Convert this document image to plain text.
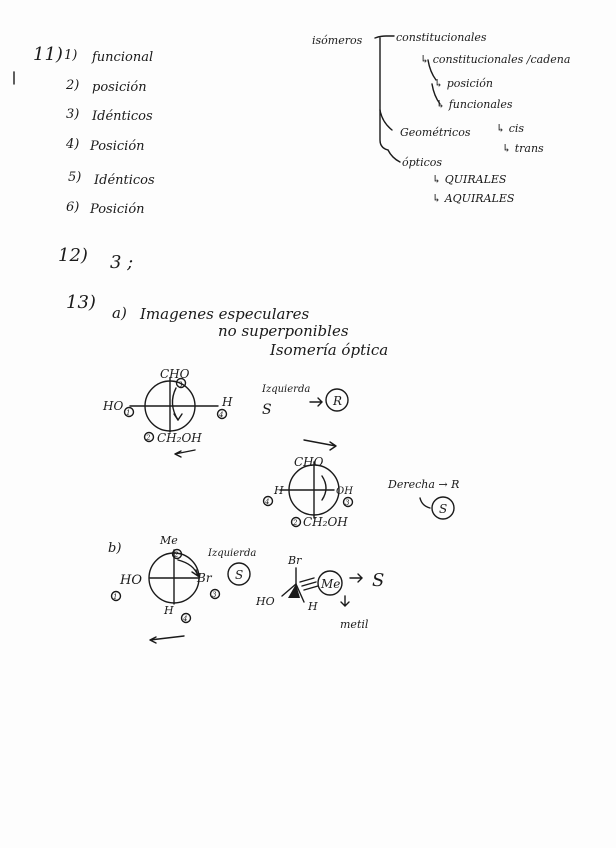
11) 1) funcional
2) posición
3) Idénticos
4) Posición
5) Idénticos
6) Posición
isómeros	constitucionales
↳ constitucionales /cadena
↳ posición
↳ funcionales
Geométricos ↳ cis
↳ trans
ópticos
↳ QUIRALES
↳ AQUIRALES
12) 3 ;
13) a) Imagenes especulares
no superponibles
Isomería óptica
CHO
HO	H
CH₂OH
3
1	4
2
Izquierda
S
R
CHO
H	OH
CH₂OH
4	3
2
Derecha → R
S
b)
Me
HO	Br
H
2
1	3
4
Izquierda
S
Br
HO	H
Me S
metil
